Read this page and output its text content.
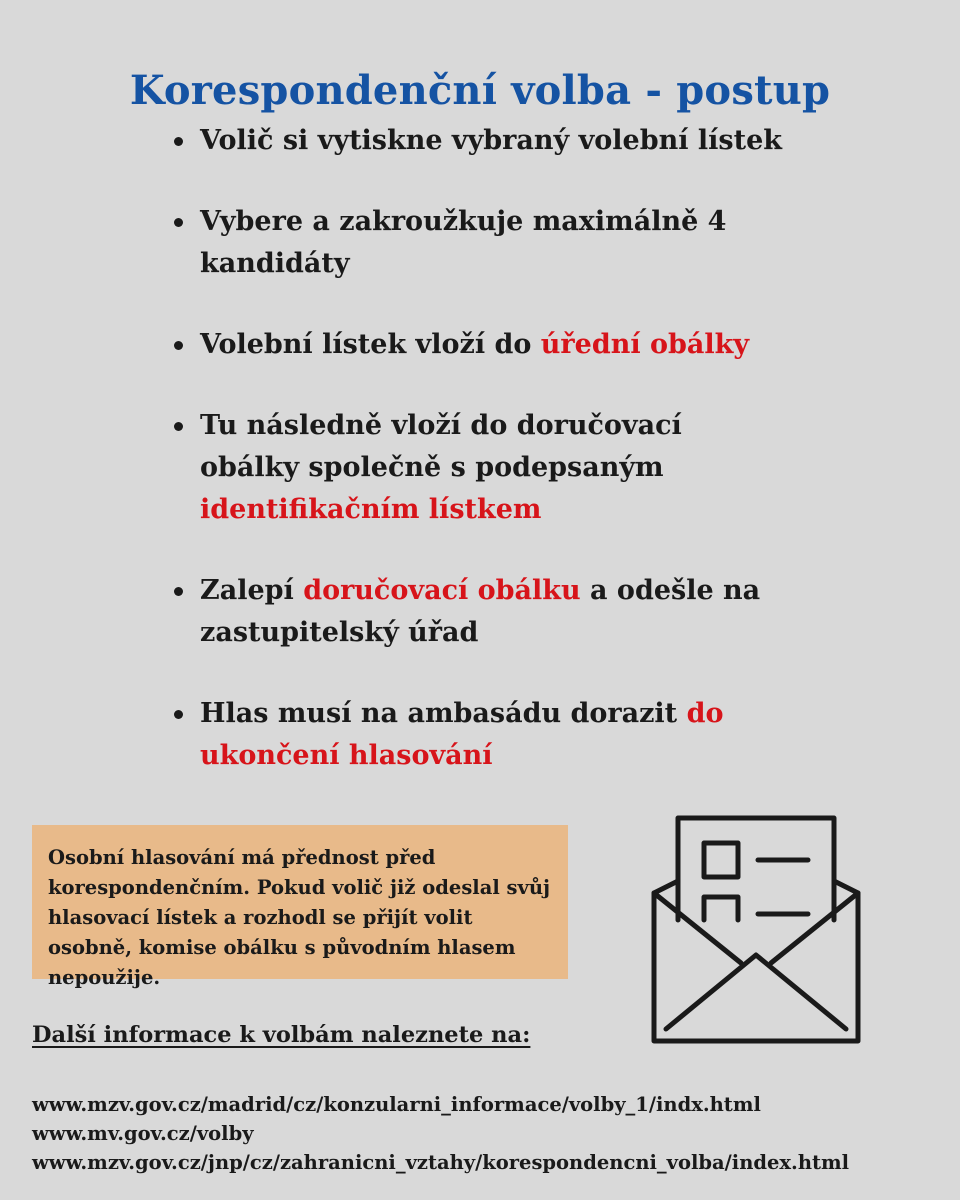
Korespondenční volba - postup
Volič si vytiskne vybraný volební lístek
Vybere a zakroužkuje maximálně 4 kandidáty
Volební lístek vloží do úřední obálky
Tu následně vloží do doručovací obálky společně s podepsaným identifikačním lístkem
Zalepí doručovací obálku a odešle na zastupitelský úřad
Hlas musí na ambasádu dorazit do ukončení hlasování
Osobní hlasování má přednost před korespondenčním. Pokud volič již odeslal svůj hlasovací lístek a rozhodl se přijít volit osobně, komise obálku s původním hlasem nepoužije.
Další informace k volbám naleznete na:
www.mzv.gov.cz/madrid/cz/konzularni_informace/volby_1/indx.html
www.mv.gov.cz/volby
www.mzv.gov.cz/jnp/cz/zahranicni_vztahy/korespondencni_volba/index.html
